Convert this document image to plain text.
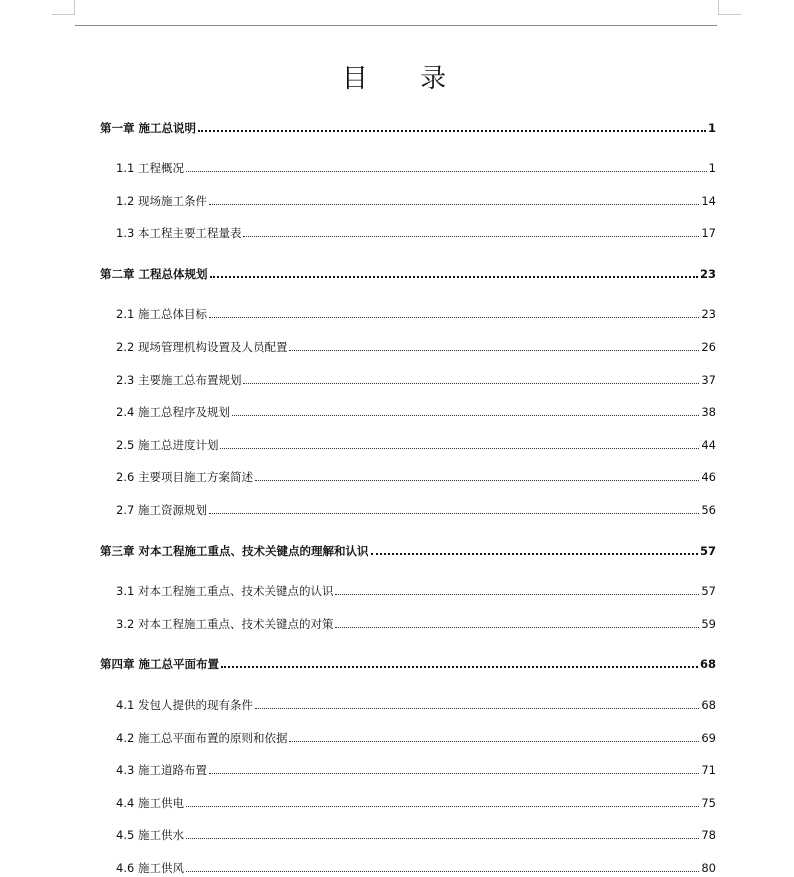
目 录
第一章 施工总说明	1
1.1 工程概况	1
1.2 现场施工条件	14
1.3 本工程主要工程量表	17
第二章 工程总体规划	23
2.1 施工总体目标	23
2.2 现场管理机构设置及人员配置	26
2.3 主要施工总布置规划	37
2.4 施工总程序及规划	38
2.5 施工总进度计划	44
2.6 主要项目施工方案简述	46
2.7 施工资源规划	56
第三章 对本工程施工重点、技术关键点的理解和认识	57
3.1 对本工程施工重点、技术关键点的认识	57
3.2 对本工程施工重点、技术关键点的对策	59
第四章 施工总平面布置	68
4.1 发包人提供的现有条件	68
4.2 施工总平面布置的原则和依据	69
4.3 施工道路布置	71
4.4 施工供电	75
4.5 施工供水	78
4.6 施工供风	80
